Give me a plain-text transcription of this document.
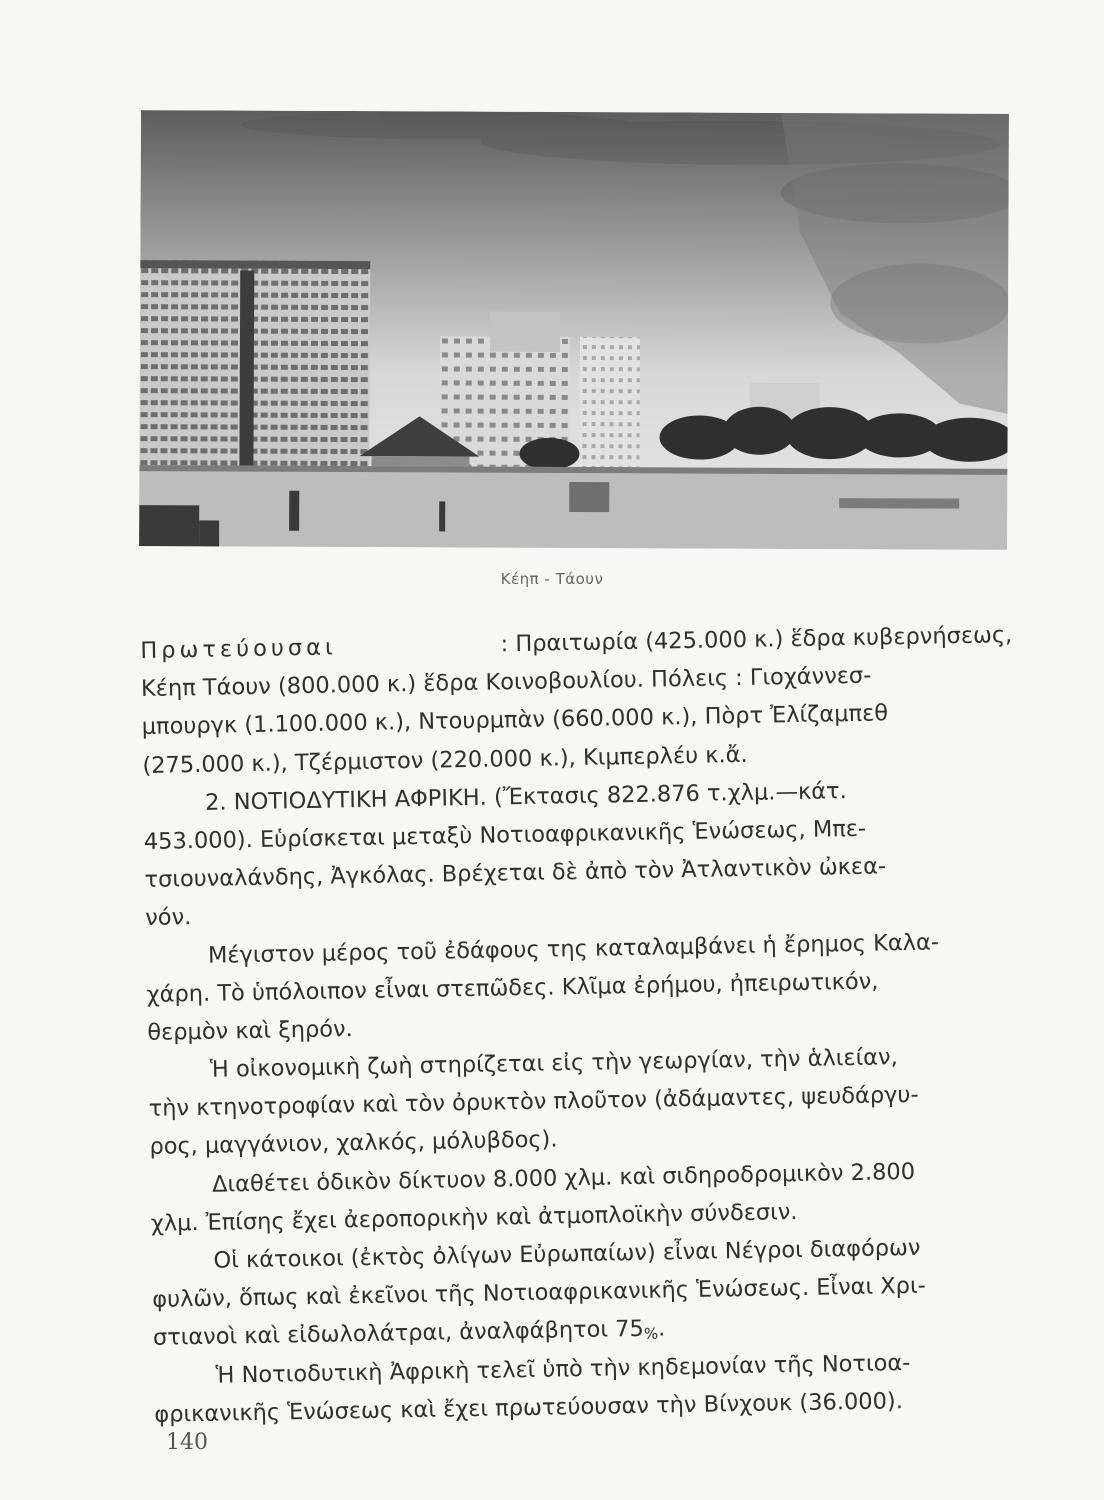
Κέηπ - Τάουν
Πρωτεύουσαι	: Πραιτωρία (425.000 κ.) ἕδρα κυβερνήσεως,
Κέηπ Τάουν (800.000 κ.) ἕδρα Κοινοβουλίου. Πόλεις : Γιοχάννεσ-
μπουργκ (1.100.000 κ.), Ντουρμπὰν (660.000 κ.), Πὸρτ Ἐλίζαμπεθ
(275.000 κ.), Τζέρμιστον (220.000 κ.), Κιμπερλέυ κ.ἄ.
2. ΝΟΤΙΟΔΥΤΙΚΗ ΑΦΡΙΚΗ. (Ἔκτασις 822.876 τ.χλμ.—κάτ.
453.000). Εὑρίσκεται μεταξὺ Νοτιοαφρικανικῆς Ἑνώσεως, Μπε-
τσιουναλάνδης, Ἀγκόλας. Βρέχεται δὲ ἀπὸ τὸν Ἀτλαντικὸν ὠκεα-
νόν.
Μέγιστον μέρος τοῦ ἐδάφους της καταλαμβάνει ἡ ἔρημος Καλα-
χάρη. Τὸ ὑπόλοιπον εἶναι στεπῶδες. Κλῖμα ἐρήμου, ἠπειρωτικόν,
θερμὸν καὶ ξηρόν.
Ἡ οἰκονομικὴ ζωὴ στηρίζεται εἰς τὴν γεωργίαν, τὴν ἁλιείαν,
τὴν κτηνοτροφίαν καὶ τὸν ὀρυκτὸν πλοῦτον (ἀδάμαντες, ψευδάργυ-
ρος, μαγγάνιον, χαλκός, μόλυβδος).
Διαθέτει ὁδικὸν δίκτυον 8.000 χλμ. καὶ σιδηροδρομικὸν 2.800
χλμ. Ἐπίσης ἔχει ἀεροπορικὴν καὶ ἀτμοπλοϊκὴν σύνδεσιν.
Οἱ κάτοικοι (ἐκτὸς ὀλίγων Εὐρωπαίων) εἶναι Νέγροι διαφόρων
φυλῶν, ὅπως καὶ ἐκεῖνοι τῆς Νοτιοαφρικανικῆς Ἑνώσεως. Εἶναι Χρι-
στιανοὶ καὶ εἰδωλολάτραι, ἀναλφάβητοι 75%.
Ἡ Νοτιοδυτικὴ Ἀφρικὴ τελεῖ ὑπὸ τὴν κηδεμονίαν τῆς Νοτιοα-
φρικανικῆς Ἑνώσεως καὶ ἔχει πρωτεύουσαν τὴν Βίνχουκ (36.000).
140
